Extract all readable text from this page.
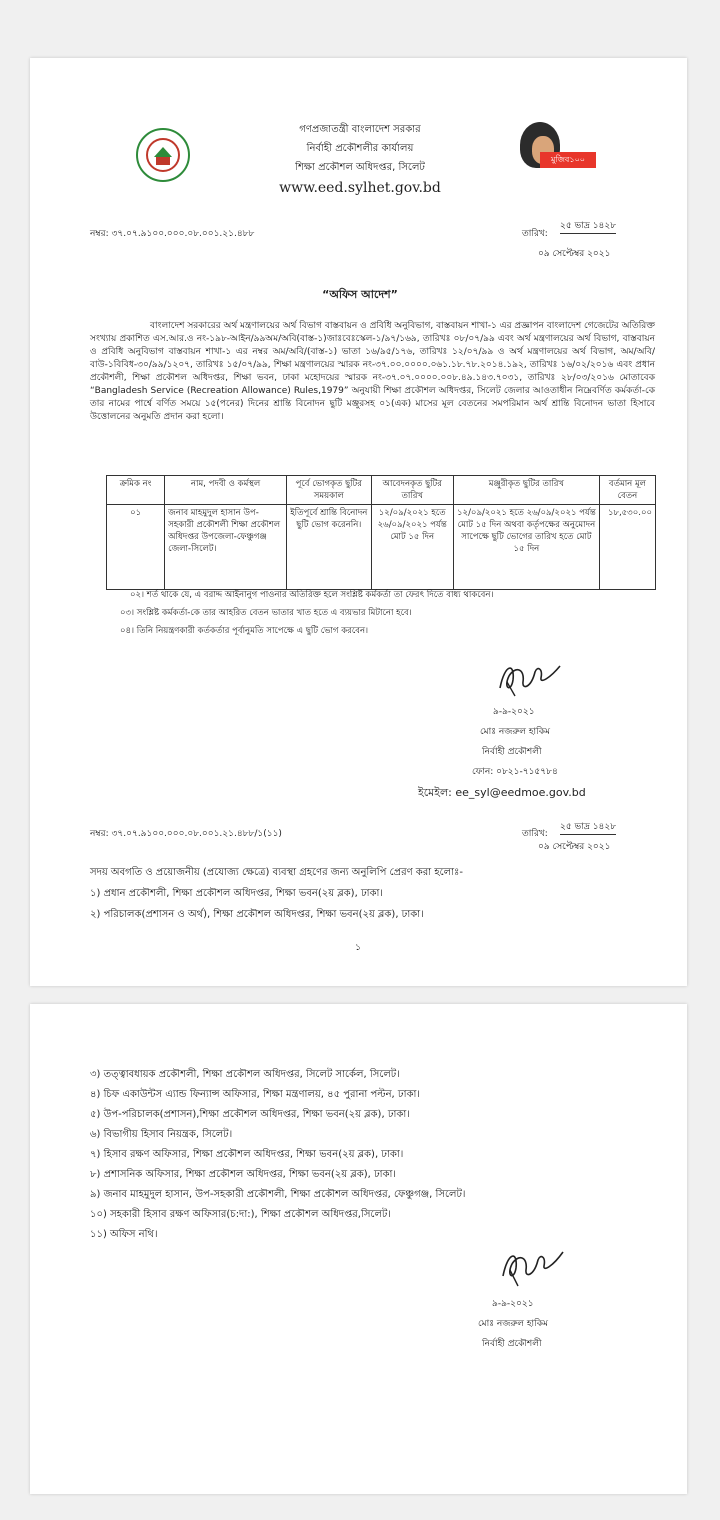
মুজিব১০০
গণপ্রজাতন্ত্রী বাংলাদেশ সরকার
নির্বাহী প্রকৌশলীর কার্যালয়
শিক্ষা প্রকৌশল অধিদপ্তর, সিলেট
www.eed.sylhet.gov.bd
নম্বর: ৩৭.০৭.৯১০০.০০০.০৮.০০১.২১.৪৮৮	তারিখ:
২৫ ভাদ্র ১৪২৮
০৯ সেপ্টেম্বর ২০২১
“অফিস আদেশ”
বাংলাদেশ সরকারের অর্থ মন্ত্রণালয়ের অর্থ বিভাগ বাস্তবায়ন ও প্রবিধি অনুবিভাগ, বাস্তবায়ন শাখা-১ এর প্রজ্ঞাপন বাংলাদেশ গেজেটের অতিরিক্ত সংখ্যায় প্রকাশিত এস.আর.ও নং-১৯৮-আইন/৯৯অম/অবি(বাস্ত-১)জাঃবেঃস্কেল-১/৯৭/১৬৯, তারিখঃ ০৮/০৭/৯৯ এবং অর্থ মন্ত্রণালয়ের অর্থ বিভাগ, বাস্তবায়ন ও প্রবিধি অনুবিভাগ বাস্তবায়ন শাখা-১ এর নম্বর অম/অবি/(বাস্ত-১) ভাতা ১৬/৯৫/১৭৬, তারিখঃ ১২/০৭/৯৯ ও অর্থ মন্ত্রণালয়ের অর্থ বিভাগ, অম/অবি/বাউ-১বিবিধ-৩০/৯৯/১২০৭, তারিখঃ ১৫/০৭/৯৯, শিক্ষা মন্ত্রণালয়ের স্মারক নং-৩৭.০০.০০০০.০৬১.১৮.৭৮.২০১৪.১৯২, তারিখঃ ১৬/০২/২০১৬ এবং প্রধান প্রকৌশলী, শিক্ষা প্রকৌশল অধিদপ্তর, শিক্ষা ভবন, ঢাকা মহোদয়ের স্মারক নং-৩৭.০৭.০০০০.০০৮.৪৯.১৪৩.৭০৩১, তারিখঃ ২৮/০৩/২০১৬ মোতাবেক “Bangladesh Service (Recreation Allowance) Rules,1979” অনুযায়ী শিক্ষা প্রকৌশল অধিদপ্তর, সিলেট জেলার আওতাধীন নিম্নেবর্ণিত কর্মকর্তা-কে তার নামের পার্শ্বে বর্ণিত সময়ে ১৫(পনের) দিনের শ্রান্তি বিনোদন ছুটি মঞ্জুরসহ ০১(এক) মাসের মূল বেতনের সমপরিমান অর্থ শ্রান্তি বিনোদন ভাতা হিসাবে উত্তোলনের অনুমতি প্রদান করা হলো।
ক্রমিক নং	নাম, পদবী ও কর্মস্থল	পূর্বে ভোগকৃত ছুটির সময়কাল	আবেদনকৃত ছুটির তারিখ	মঞ্জুরীকৃত ছুটির তারিখ	বর্তমান মূল বেতন
০১	জনাব মাহমুদুল হাসান উপ-সহকারী প্রকৌশলী শিক্ষা প্রকৌশল অধিদপ্তর উপজেলা-ফেঞ্চুগঞ্জ জেলা-সিলেট।	ইতিপূর্বে শ্রান্তি বিনোদন ছুটি ভোগ করেননি।	১২/০৯/২০২১ হতে ২৬/০৯/২০২১ পর্যন্ত মোট ১৫ দিন	১২/০৯/২০২১ হতে ২৬/০৯/২০২১ পর্যন্ত মোট ১৫ দিন অথবা কর্তৃপক্ষের অনুমোদন সাপেক্ষে ছুটি ভোগের তারিখ হতে মোট ১৫ দিন	১৮,৫৩০.০০
০২। শর্ত থাকে যে, এ বরাদ্দ আইনানুগ পাওনার অতিরিক্ত হলে সংশ্লিষ্ট কর্মকর্তা তা ফেরৎ দিতে বাধ্য থাকবেন।
০৩। সংশ্লিষ্ট কর্মকর্তা-কে তার আহরিত বেতন ভাতার খাত হতে এ ব্যয়ভার মিটানো হবে।
০৪। তিনি নিয়ন্ত্রণকারী কর্তকর্তার পূর্বানুমতি সাপেক্ষে এ ছুটি ভোগ করবেন।
৯-৯-২০২১
মোঃ নজরুল হাকিম
নির্বাহী প্রকৌশলী
ফোন: ০৮২১-৭১৫৭৮৪
ইমেইল: ee_syl@eedmoe.gov.bd
নম্বর: ৩৭.০৭.৯১০০.০০০.০৮.০০১.২১.৪৮৮/১(১১)	তারিখ:
২৫ ভাদ্র ১৪২৮
০৯ সেপ্টেম্বর ২০২১
সদয় অবগতি ও প্রয়োজনীয় (প্রযোজ্য ক্ষেত্রে) ব্যবস্থা গ্রহণের জন্য অনুলিপি প্রেরণ করা হলোঃ-
১) প্রধান প্রকৌশলী, শিক্ষা প্রকৌশল অধিদপ্তর, শিক্ষা ভবন(২য় ব্লক), ঢাকা।
২) পরিচালক(প্রশাসন ও অর্থ), শিক্ষা প্রকৌশল অধিদপ্তর, শিক্ষা ভবন(২য় ব্লক), ঢাকা।
১
৩) তত্ত্বাবধায়ক প্রকৌশলী, শিক্ষা প্রকৌশল অধিদপ্তর, সিলেট সার্কেল, সিলেট।
৪) চিফ একাউন্টস এ্যান্ড ফিন্যান্স অফিসার, শিক্ষা মন্ত্রণালয়, ৪৫ পুরানা পল্টন, ঢাকা।
৫) উপ-পরিচালক(প্রশাসন),শিক্ষা প্রকৌশল অধিদপ্তর, শিক্ষা ভবন(২য় ব্লক), ঢাকা।
৬) বিভাগীয় হিসাব নিয়ন্ত্রক, সিলেট।
৭) হিসাব রক্ষণ অফিসার, শিক্ষা প্রকৌশল অধিদপ্তর, শিক্ষা ভবন(২য় ব্লক), ঢাকা।
৮) প্রশাসনিক অফিসার, শিক্ষা প্রকৌশল অধিদপ্তর, শিক্ষা ভবন(২য় ব্লক), ঢাকা।
৯) জনাব মাহমুদুল হাসান, উপ-সহকারী প্রকৌশলী, শিক্ষা প্রকৌশল অধিদপ্তর, ফেঞ্চুগঞ্জ, সিলেট।
১০) সহকারী হিসাব রক্ষণ অফিসার(চ:দা:), শিক্ষা প্রকৌশল অধিদপ্তর,সিলেট।
১১) অফিস নথি।
৯-৯-২০২১
মোঃ নজরুল হাকিম
নির্বাহী প্রকৌশলী
